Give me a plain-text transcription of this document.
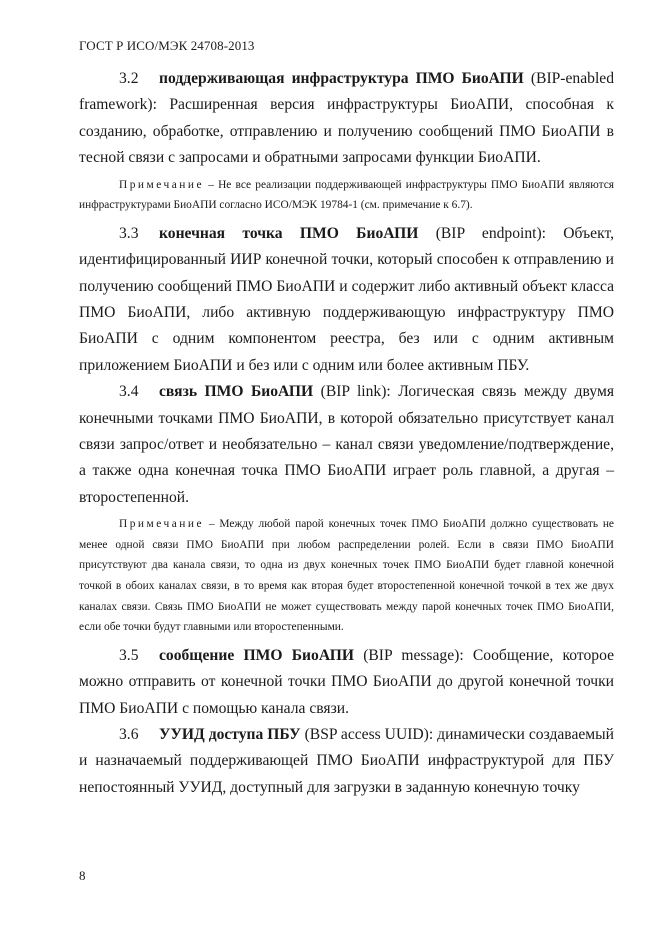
ГОСТ Р ИСО/МЭК 24708-2013

3.2 поддерживающая инфраструктура ПМО БиоАПИ (BIP-enabled framework): Расширенная версия инфраструктуры БиоАПИ, способная к созданию, обработке, отправлению и получению сообщений ПМО БиоАПИ в тесной связи с запросами и обратными запросами функции БиоАПИ.

Примечание – Не все реализации поддерживающей инфраструктуры ПМО БиоАПИ являются инфраструктурами БиоАПИ согласно ИСО/МЭК 19784-1 (см. примечание к 6.7).

3.3 конечная точка ПМО БиоАПИ (BIP endpoint): Объект, идентифицированный ИИР конечной точки, который способен к отправлению и получению сообщений ПМО БиоАПИ и содержит либо активный объект класса ПМО БиоАПИ, либо активную поддерживающую инфраструктуру ПМО БиоАПИ с одним компонентом реестра, без или с одним активным приложением БиоАПИ и без или с одним или более активным ПБУ.

3.4 связь ПМО БиоАПИ (BIP link): Логическая связь между двумя конечными точками ПМО БиоАПИ, в которой обязательно присутствует канал связи запрос/ответ и необязательно – канал связи уведомление/подтверждение, а также одна конечная точка ПМО БиоАПИ играет роль главной, а другая – второстепенной.

Примечание – Между любой парой конечных точек ПМО БиоАПИ должно существовать не менее одной связи ПМО БиоАПИ при любом распределении ролей. Если в связи ПМО БиоАПИ присутствуют два канала связи, то одна из двух конечных точек ПМО БиоАПИ будет главной конечной точкой в обоих каналах связи, в то время как вторая будет второстепенной конечной точкой в тех же двух каналах связи. Связь ПМО БиоАПИ не может существовать между парой конечных точек ПМО БиоАПИ, если обе точки будут главными или второстепенными.

3.5 сообщение ПМО БиоАПИ (BIP message): Сообщение, которое можно отправить от конечной точки ПМО БиоАПИ до другой конечной точки ПМО БиоАПИ с помощью канала связи.

3.6 УУИД доступа ПБУ (BSP access UUID): динамически создаваемый и назначаемый поддерживающей ПМО БиоАПИ инфраструктурой для ПБУ непостоянный УУИД, доступный для загрузки в заданную конечную точку

8
